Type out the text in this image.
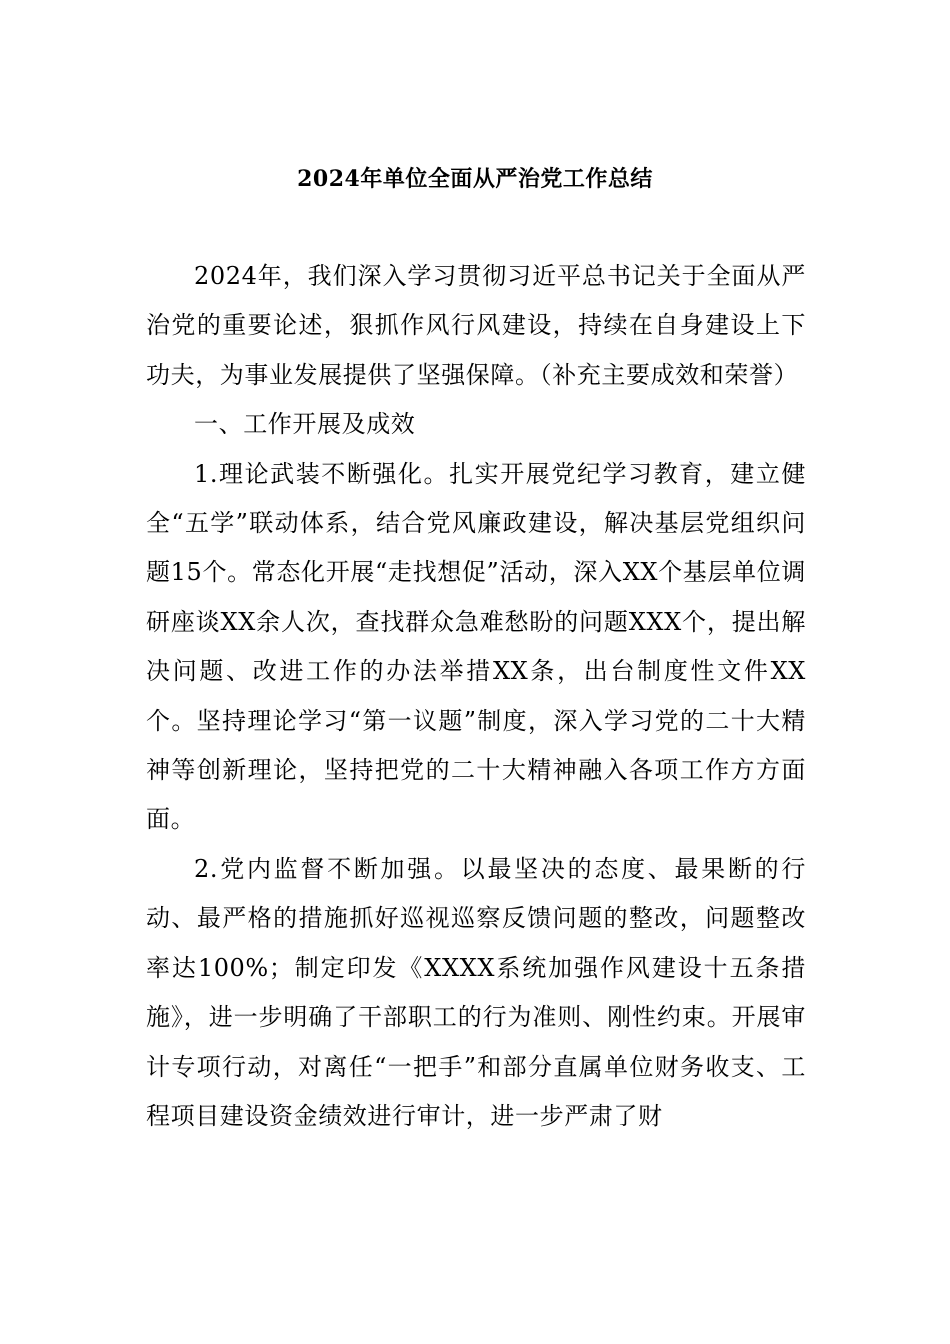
2024年单位全面从严治党工作总结

2024年，我们深入学习贯彻习近平总书记关于全面从严治党的重要论述，狠抓作风行风建设，持续在自身建设上下功夫，为事业发展提供了坚强保障。（补充主要成效和荣誉）

一、工作开展及成效

1.理论武装不断强化。扎实开展党纪学习教育，建立健全“五学”联动体系，结合党风廉政建设，解决基层党组织问题15个。常态化开展“走找想促”活动，深入XX个基层单位调研座谈XX余人次，查找群众急难愁盼的问题XXX个，提出解决问题、改进工作的办法举措XX条，出台制度性文件XX个。坚持理论学习“第一议题”制度，深入学习党的二十大精神等创新理论，坚持把党的二十大精神融入各项工作方方面面。

2.党内监督不断加强。以最坚决的态度、最果断的行动、最严格的措施抓好巡视巡察反馈问题的整改，问题整改率达100%；制定印发《XXXX系统加强作风建设十五条措施》，进一步明确了干部职工的行为准则、刚性约束。开展审计专项行动，对离任“一把手”和部分直属单位财务收支、工程项目建设资金绩效进行审计，进一步严肃了财
